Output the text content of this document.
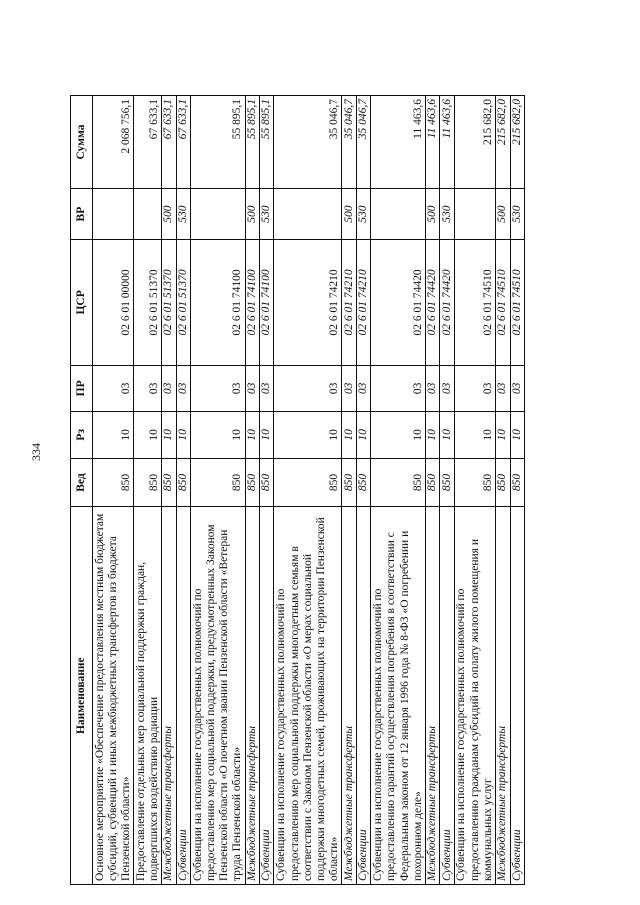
334
Наименование	Вед	Рз	ПР	ЦСР	ВР	Сумма
Основное мероприятие «Обеспечение предоставления местным бюджетам субсидий, субвенций и иных межбюджетных трансфертов из бюджета Пензенской области»	850	10	03	02 6 01 00000		2 068 756,1
Предоставление отдельных мер социальной поддержки граждан, подвергшихся воздействию радиации	850	10	03	02 6 01 51370		67 633,1
Межбюджетные трансферты	850	10	03	02 6 01 51370	500	67 633,1
Субвенции	850	10	03	02 6 01 51370	530	67 633,1
Субвенции на исполнение государственных полномочий по предоставлению мер социальной поддержки, предусмотренных Законом Пензенской области «О почетном звании Пензенской области «Ветеран труда Пензенской области»	850	10	03	02 6 01 74100		55 895,1
Межбюджетные трансферты	850	10	03	02 6 01 74100	500	55 895,1
Субвенции	850	10	03	02 6 01 74100	530	55 895,1
Субвенции на исполнение государственных полномочий по предоставлению мер социальной поддержки многодетным семьям в соответствии с Законом Пензенской области «О мерах социальной поддержки многодетных семей, проживающих на территории Пензенской области»	850	10	03	02 6 01 74210		35 046,7
Межбюджетные трансферты	850	10	03	02 6 01 74210	500	35 046,7
Субвенции	850	10	03	02 6 01 74210	530	35 046,7
Субвенции на исполнение государственных полномочий по предоставлению гарантий осуществления погребения в соответствии с Федеральным законом от 12 января 1996 года № 8-ФЗ «О погребении и похоронном деле»	850	10	03	02 6 01 74420		11 463,6
Межбюджетные трансферты	850	10	03	02 6 01 74420	500	11 463,6
Субвенции	850	10	03	02 6 01 74420	530	11 463,6
Субвенции на исполнение государственных полномочий по предоставлению гражданам субсидий на оплату жилого помещения и коммунальных услуг	850	10	03	02 6 01 74510		215 682,0
Межбюджетные трансферты	850	10	03	02 6 01 74510	500	215 682,0
Субвенции	850	10	03	02 6 01 74510	530	215 682,0
